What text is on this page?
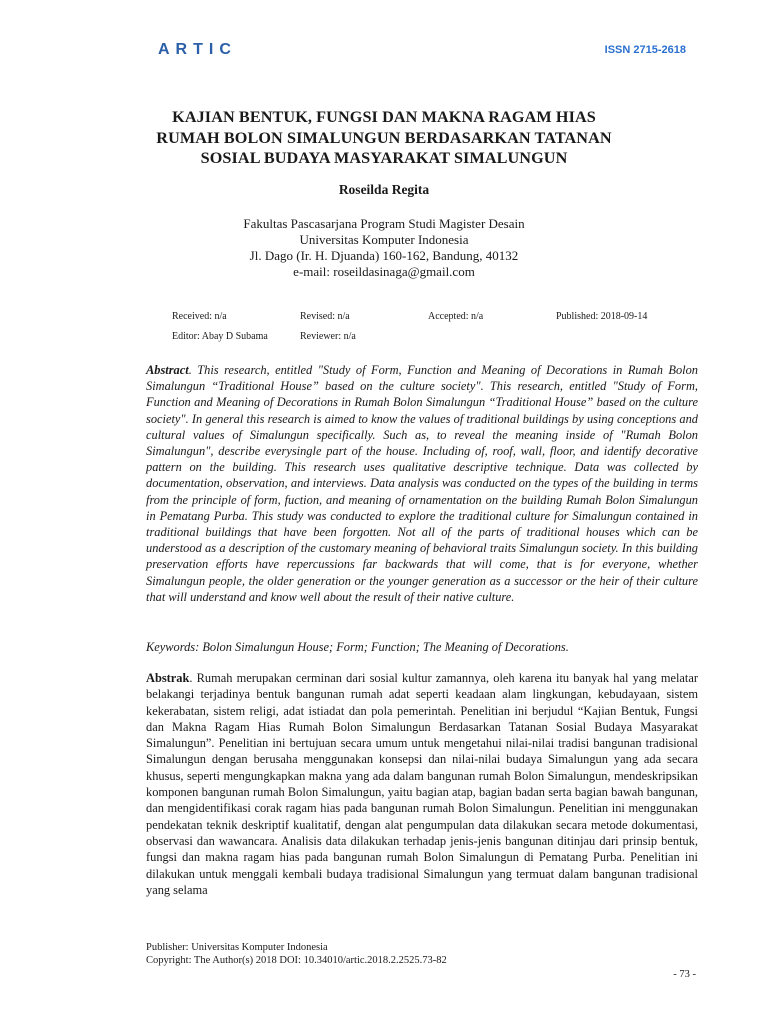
ARTIC	ISSN 2715-2618
KAJIAN BENTUK, FUNGSI DAN MAKNA RAGAM HIAS
RUMAH BOLON SIMALUNGUN BERDASARKAN TATANAN
SOSIAL BUDAYA MASYARAKAT SIMALUNGUN
Roseilda Regita
Fakultas Pascasarjana Program Studi Magister Desain
Universitas Komputer Indonesia
Jl. Dago (Ir. H. Djuanda) 160-162, Bandung, 40132
e-mail: roseildasinaga@gmail.com
Received: n/a	Revised: n/a	Accepted: n/a	Published: 2018-09-14
Editor: Abay D Subama	Reviewer: n/a
Abstract. This research, entitled "Study of Form, Function and Meaning of Decorations in Rumah Bolon Simalungun “Traditional House” based on the culture society". This research, entitled "Study of Form, Function and Meaning of Decorations in Rumah Bolon Simalungun “Traditional House” based on the culture society". In general this research is aimed to know the values of traditional buildings by using conceptions and cultural values of Simalungun specifically. Such as, to reveal the meaning inside of "Rumah Bolon Simalungun", describe everysingle part of the house. Including of, roof, wall, floor, and identify decorative pattern on the building. This research uses qualitative descriptive technique. Data was collected by documentation, observation, and interviews. Data analysis was conducted on the types of the building in terms from the principle of form, fuction, and meaning of ornamentation on the building Rumah Bolon Simalungun in Pematang Purba. This study was conducted to explore the traditional culture for Simalungun contained in traditional buildings that have been forgotten. Not all of the parts of traditional houses which can be understood as a description of the customary meaning of behavioral traits Simalungun society. In this building preservation efforts have repercussions far backwards that will come, that is for everyone, whether Simalungun people, the older generation or the younger generation as a successor or the heir of their culture that will understand and know well about the result of their native culture.
Keywords: Bolon Simalungun House; Form; Function; The Meaning of Decorations.
Abstrak. Rumah merupakan cerminan dari sosial kultur zamannya, oleh karena itu banyak hal yang melatar belakangi terjadinya bentuk bangunan rumah adat seperti keadaan alam lingkungan, kebudayaan, sistem kekerabatan, sistem religi, adat istiadat dan pola pemerintah. Penelitian ini berjudul “Kajian Bentuk, Fungsi dan Makna Ragam Hias Rumah Bolon Simalungun Berdasarkan Tatanan Sosial Budaya Masyarakat Simalungun”. Penelitian ini bertujuan secara umum untuk mengetahui nilai-nilai tradisi bangunan tradisional Simalungun dengan berusaha menggunakan konsepsi dan nilai-nilai budaya Simalungun yang ada secara khusus, seperti mengungkapkan makna yang ada dalam bangunan rumah Bolon Simalungun, mendeskripsikan komponen bangunan rumah Bolon Simalungun, yaitu bagian atap, bagian badan serta bagian bawah bangunan, dan mengidentifikasi corak ragam hias pada bangunan rumah Bolon Simalungun. Penelitian ini menggunakan pendekatan teknik deskriptif kualitatif, dengan alat pengumpulan data dilakukan secara metode dokumentasi, observasi dan wawancara. Analisis data dilakukan terhadap jenis-jenis bangunan ditinjau dari prinsip bentuk, fungsi dan makna ragam hias pada bangunan rumah Bolon Simalungun di Pematang Purba. Penelitian ini dilakukan untuk menggali kembali budaya tradisional Simalungun yang termuat dalam bangunan tradisional yang selama
Publisher: Universitas Komputer Indonesia
Copyright: The Author(s) 2018 DOI: 10.34010/artic.2018.2.2525.73-82
- 73 -
